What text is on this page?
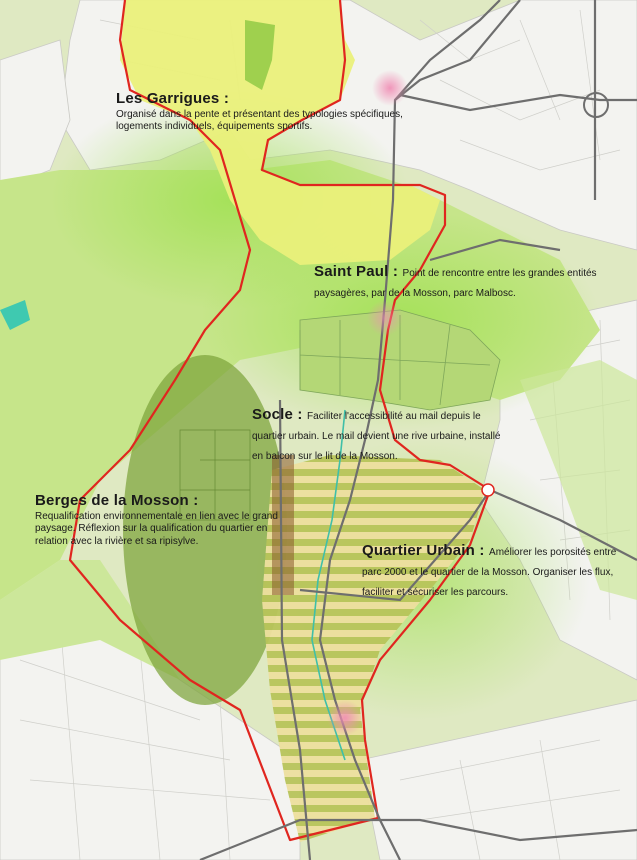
Les Garrigues :
Organisé dans la pente et présentant des typologies spécifiques, logements individuels, équipements sportifs.
Saint Paul : Point de rencontre entre les grandes entités paysagères, par de la Mosson, parc Malbosc.
Socle : Faciliter l'accessibilité au mail depuis le quartier urbain. Le mail devient une rive urbaine, installé en balcon sur le lit de la Mosson.
Berges de la Mosson :
Requalification environnementale en lien avec le grand paysage. Réflexion sur la qualification du quartier en relation avec la rivière et sa ripisylve.
Quartier Urbain : Améliorer les porosités entre parc 2000 et le quartier de la Mosson. Organiser les flux, faciliter et sécuriser les parcours.
